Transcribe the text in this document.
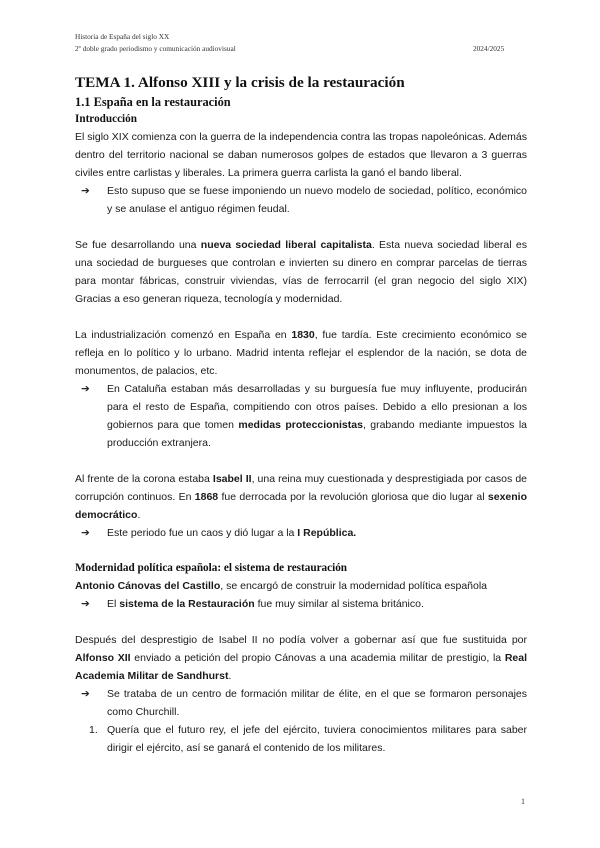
Historia de España del siglo XX
2º doble grado periodismo y comunicación audiovisual	2024/2025
TEMA 1. Alfonso XIII y la crisis de la restauración
1.1 España en la restauración
Introducción

El siglo XIX comienza con la guerra de la independencia contra las tropas napoleónicas. Además dentro del territorio nacional se daban numerosos golpes de estados que llevaron a 3 guerras civiles entre carlistas y liberales. La primera guerra carlista la ganó el bando liberal.

➔ Esto supuso que se fuese imponiendo un nuevo modelo de sociedad, político, económico y se anulase el antiguo régimen feudal.

Se fue desarrollando una nueva sociedad liberal capitalista. Esta nueva sociedad liberal es una sociedad de burgueses que controlan e invierten su dinero en comprar parcelas de tierras para montar fábricas, construir viviendas, vías de ferrocarril (el gran negocio del siglo XIX) Gracias a eso generan riqueza, tecnología y modernidad.

La industrialización comenzó en España en 1830, fue tardía. Este crecimiento económico se refleja en lo político y lo urbano. Madrid intenta reflejar el esplendor de la nación, se dota de monumentos, de palacios, etc.

➔ En Cataluña estaban más desarrolladas y su burguesía fue muy influyente, producirán para el resto de España, compitiendo con otros países. Debido a ello presionan a los gobiernos para que tomen medidas proteccionistas, grabando mediante impuestos la producción extranjera.

Al frente de la corona estaba Isabel II, una reina muy cuestionada y desprestigiada por casos de corrupción continuos. En 1868 fue derrocada por la revolución gloriosa que dio lugar al sexenio democrático.

➔ Este periodo fue un caos y dió lugar a la I República.

Modernidad política española: el sistema de restauración

Antonio Cánovas del Castillo, se encargó de construir la modernidad política española

➔ El sistema de la Restauración fue muy similar al sistema británico.

Después del desprestigio de Isabel II no podía volver a gobernar así que fue sustituida por Alfonso XII enviado a petición del propio Cánovas a una academia militar de prestigio, la Real Academia Militar de Sandhurst.

➔ Se trataba de un centro de formación militar de élite, en el que se formaron personajes como Churchill.

1. Quería que el futuro rey, el jefe del ejército, tuviera conocimientos militares para saber dirigir el ejército, así se ganará el contenido de los militares.

1
